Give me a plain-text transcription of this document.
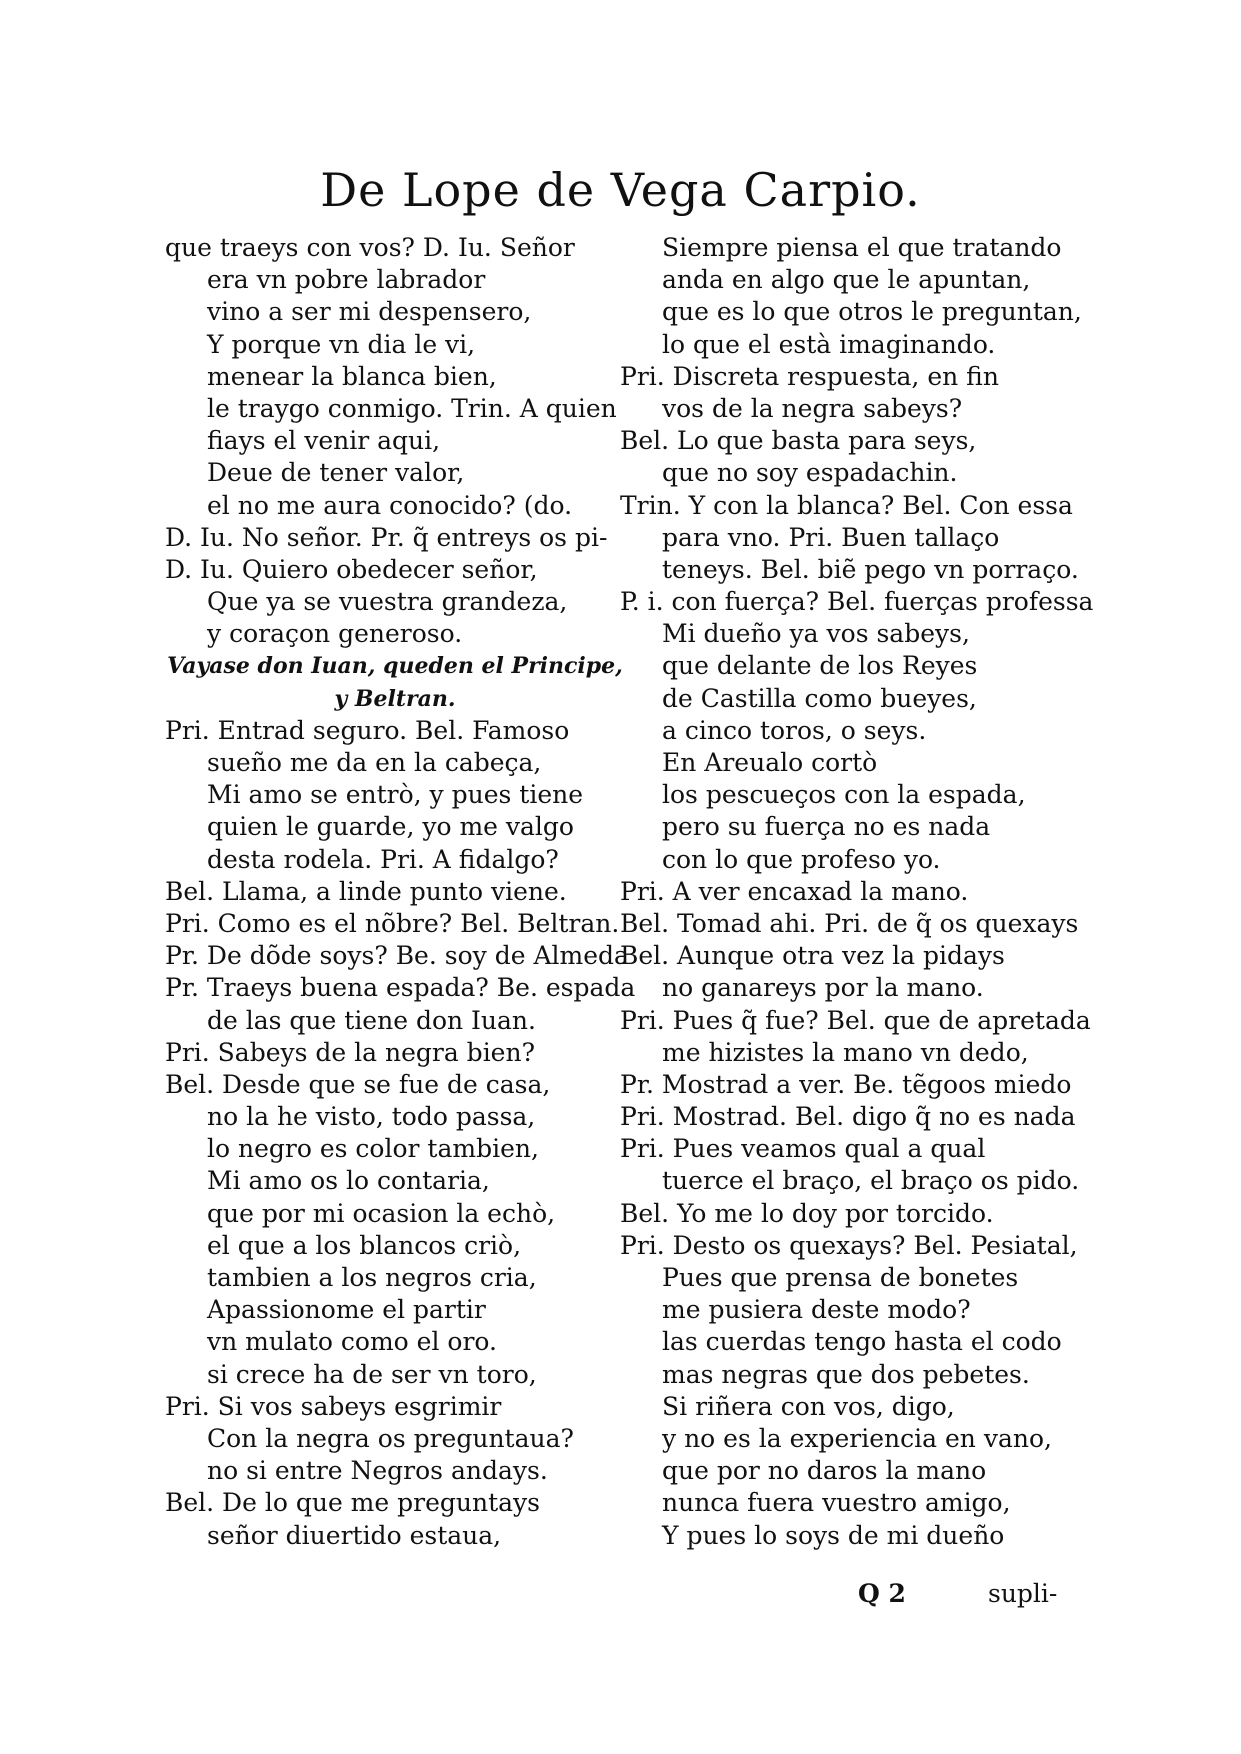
De Lope de Vega Carpio.
que traeys con vos? D. Iu. Señor
era vn pobre labrador
vino a ser mi despensero,
Y porque vn dia le vi,
menear la blanca bien,
le traygo conmigo. Trin. A quien
fiays el venir aqui,
Deue de tener valor,
el no me aura conocido? (do.
D. Iu. No señor. Pr. q̃ entreys os pi-
D. Iu. Quiero obedecer señor,
Que ya se vuestra grandeza,
y coraçon generoso.
Vayase don Iuan, queden el Principe,
y Beltran.
Pri. Entrad seguro. Bel. Famoso
sueño me da en la cabeça,
Mi amo se entrò, y pues tiene
quien le guarde, yo me valgo
desta rodela. Pri. A fidalgo?
Bel. Llama, a linde punto viene.
Pri. Como es el nõbre? Bel. Beltran.
Pr. De dõde soys? Be. soy de Almeda
Pr. Traeys buena espada? Be. espada
de las que tiene don Iuan.
Pri. Sabeys de la negra bien?
Bel. Desde que se fue de casa,
no la he visto, todo passa,
lo negro es color tambien,
Mi amo os lo contaria,
que por mi ocasion la echò,
el que a los blancos criò,
tambien a los negros cria,
Apassionome el partir
vn mulato como el oro.
si crece ha de ser vn toro,
Pri. Si vos sabeys esgrimir
Con la negra os preguntaua?
no si entre Negros andays.
Bel. De lo que me preguntays
señor diuertido estaua,
Siempre piensa el que tratando
anda en algo que le apuntan,
que es lo que otros le preguntan,
lo que el està imaginando.
Pri. Discreta respuesta, en fin
vos de la negra sabeys?
Bel. Lo que basta para seys,
que no soy espadachin.
Trin. Y con la blanca? Bel. Con essa
para vno. Pri. Buen tallaço
teneys. Bel. biẽ pego vn porraço.
P. i. con fuerça? Bel. fuerças professa
Mi dueño ya vos sabeys,
que delante de los Reyes
de Castilla como bueyes,
a cinco toros, o seys.
En Areualo cortò
los pescueços con la espada,
pero su fuerça no es nada
con lo que profeso yo.
Pri. A ver encaxad la mano.
Bel. Tomad ahi. Pri. de q̃ os quexays
Bel. Aunque otra vez la pidays
no ganareys por la mano.
Pri. Pues q̃ fue? Bel. que de apretada
me hizistes la mano vn dedo,
Pr. Mostrad a ver. Be. tẽgoos miedo
Pri. Mostrad. Bel. digo q̃ no es nada
Pri. Pues veamos qual a qual
tuerce el braço, el braço os pido.
Bel. Yo me lo doy por torcido.
Pri. Desto os quexays? Bel. Pesiatal,
Pues que prensa de bonetes
me pusiera deste modo?
las cuerdas tengo hasta el codo
mas negras que dos pebetes.
Si riñera con vos, digo,
y no es la experiencia en vano,
que por no daros la mano
nunca fuera vuestro amigo,
Y pues lo soys de mi dueño
Q 2	supli-
